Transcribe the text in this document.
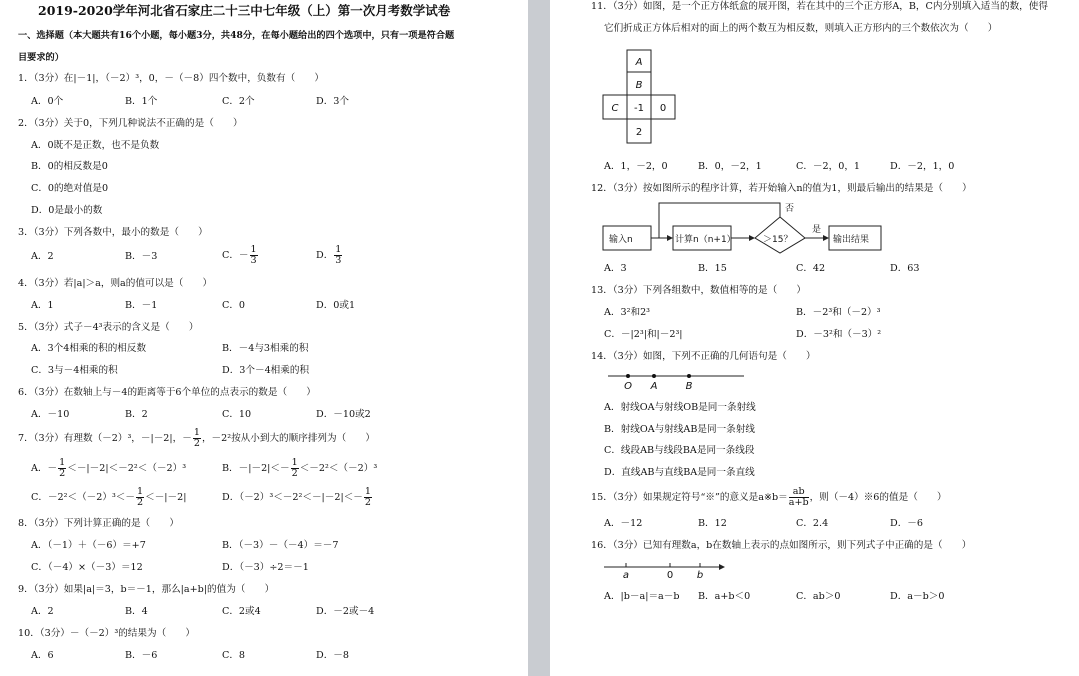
2019-2020学年河北省石家庄二十三中七年级（上）第一次月考数学试卷
一、选择题（本大题共有16个小题，每小题3分，共48分，在每小题给出的四个选项中，只有一项是符合题
目要求的）
1．（3分）在|－1|，（－2）³，0，－（－8）四个数中，负数有（　　）
A．0个	B．1个	C．2个	D．3个
2．（3分）关于0，下列几种说法不正确的是（　　）
A．0既不是正数，也不是负数
B．0的相反数是0
C．0的绝对值是0
D．0是最小的数
3．（3分）下列各数中，最小的数是（　　）
A．2	B．－3	C．－ $\frac{1}{3}$	D． $\frac{1}{3}$
4．（3分）若|a|＞a，则a的值可以是（　　）
A．1	B．－1	C．0	D．0或1
5．（3分）式子－4³表示的含义是（　　）
A．3个4相乘的积的相反数	B．－4与3相乘的积
C．3与－4相乘的积	D．3个－4相乘的积
6．（3分）在数轴上与－4的距离等于6个单位的点表示的数是（　　）
A．－10	B．2	C．10	D．－10或2
7．（3分）有理数（－2）³，－|－2|，－ $\frac{1}{2}$ ，－2²按从小到大的顺序排列为（　　）
A．－ $\frac{1}{2} <-|-2|<-2^2<(-2)^3$	B．$-|-2|<- \frac{1}{2} <-2^2<(-2)^3$
C．$-2^2<(-2)^3<- \frac{1}{2} <-|-2|$	D．$(-2)^3<-2^2<-|-2|<- \frac{1}{2}$
8．（3分）下列计算正确的是（　　）
A．（－1）＋（－6）＝+7	B．（－3）－（－4）＝－7
C．（－4）×（－3）＝12	D．（－3）÷2＝－1
9．（3分）如果|a|＝3，b＝－1，那么|a+b|的值为（　　）
A．2	B．4	C．2或4	D．－2或－4
10．（3分）－（－2）³的结果为（　　）
A．6	B．－6	C．8	D．－8
11．（3分）如图，是一个正方体纸盒的展开图，若在其中的三个正方形A，B，C内分别填入适当的数，使得
它们折成正方体后相对的面上的两个数互为相反数，则填入正方形内的三个数依次为（　　）
A
B
C -1 0
2
A．1，－2，0	B．0，－2，1	C．－2，0，1	D．－2，1，0
12．（3分）按如图所示的程序计算，若开始输入n的值为1，则最后输出的结果是（　　）
输入n	计算n（n+1）	＞15？	输出结果
否
是
A．3	B．15	C．42	D．63
13．（3分）下列各组数中，数值相等的是（　　）
A．3²和2³	B．－2³和（－2）³
C．－|2³|和|－2³|	D．－3²和（－3）²
14．（3分）如图，下列不正确的几何语句是（　　）
O A	B
A．射线OA与射线OB是同一条射线
B．射线OA与射线AB是同一条射线
C．线段AB与线段BA是同一条线段
D．直线AB与直线BA是同一条直线
15．（3分）如果规定符号“※”的意义是a※b＝ $\frac{ab}{a+b}$ ，则（－4）※6的值是（　　）
A．－12	B．12	C．2.4	D．－6
16．（3分）已知有理数a，b在数轴上表示的点如图所示，则下列式子中正确的是（　　）
a	0 b
A．|b－a|＝a－b B．a+b＜0	C．ab＞0	D．a－b＞0
